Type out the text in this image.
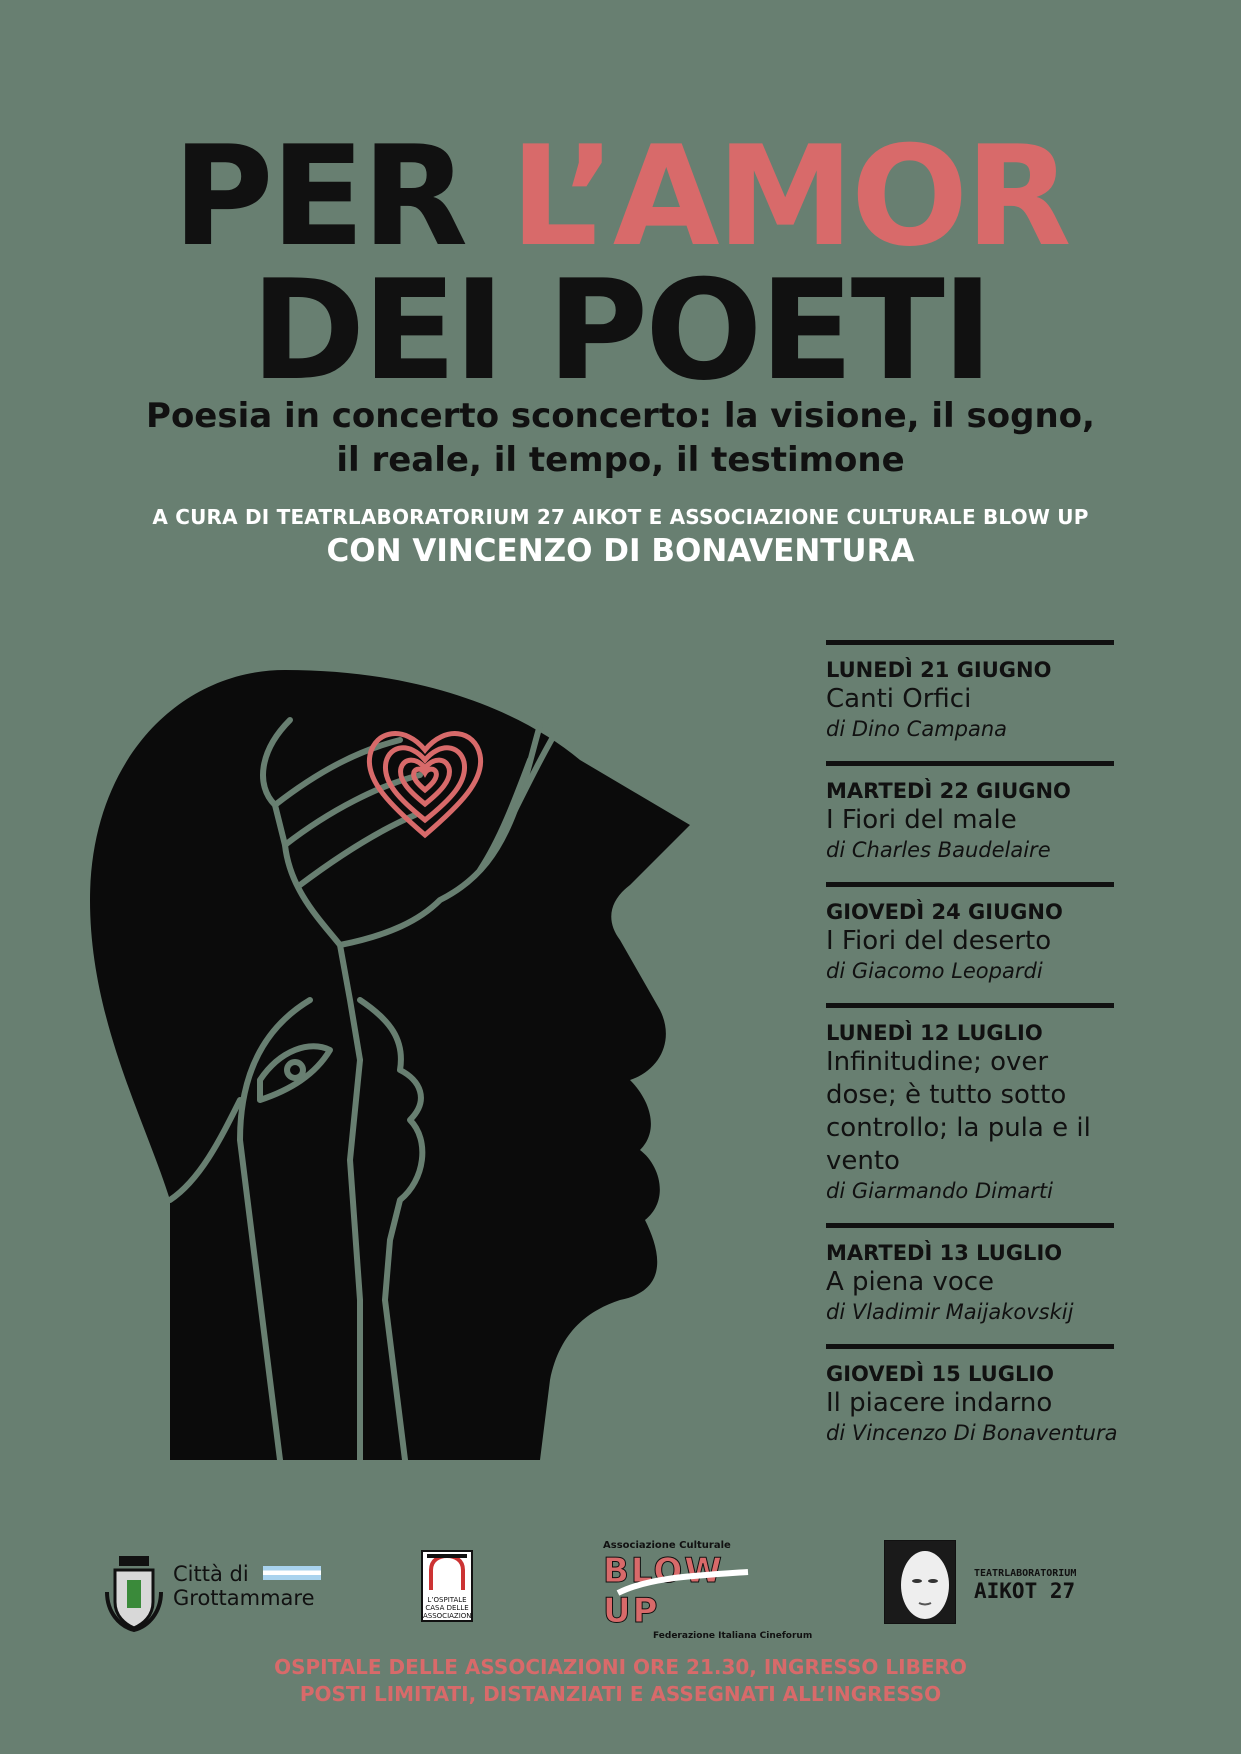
PER L’AMOR
DEI POETI
Poesia in concerto sconcerto: la visione, il sogno,
il reale, il tempo, il testimone
A CURA DI TEATRLABORATORIUM 27 AIKOT E ASSOCIAZIONE CULTURALE BLOW UP
CON VINCENZO DI BONAVENTURA
LUNEDÌ 21 GIUGNO
Canti Orfici
di Dino Campana
MARTEDÌ 22 GIUGNO
I Fiori del male
di Charles Baudelaire
GIOVEDÌ 24 GIUGNO
I Fiori del deserto
di Giacomo Leopardi
LUNEDÌ 12 LUGLIO
Infinitudine; over dose; è tutto sotto controllo; la pula e il vento
di Giarmando Dimarti
MARTEDÌ 13 LUGLIO
A piena voce
di Vladimir Maijakovskij
GIOVEDÌ 15 LUGLIO
Il piacere indarno
di Vincenzo Di Bonaventura
Città di
Grottammare	L’OSPITALE
CASA DELLE
ASSOCIAZIONI
Associazione Culturale
BLOW UP
Federazione Italiana Cineforum
TEATRLABORATORIUM
AIKOT 27
OSPITALE DELLE ASSOCIAZIONI ORE 21.30, INGRESSO LIBERO
POSTI LIMITATI, DISTANZIATI E ASSEGNATI ALL’INGRESSO
